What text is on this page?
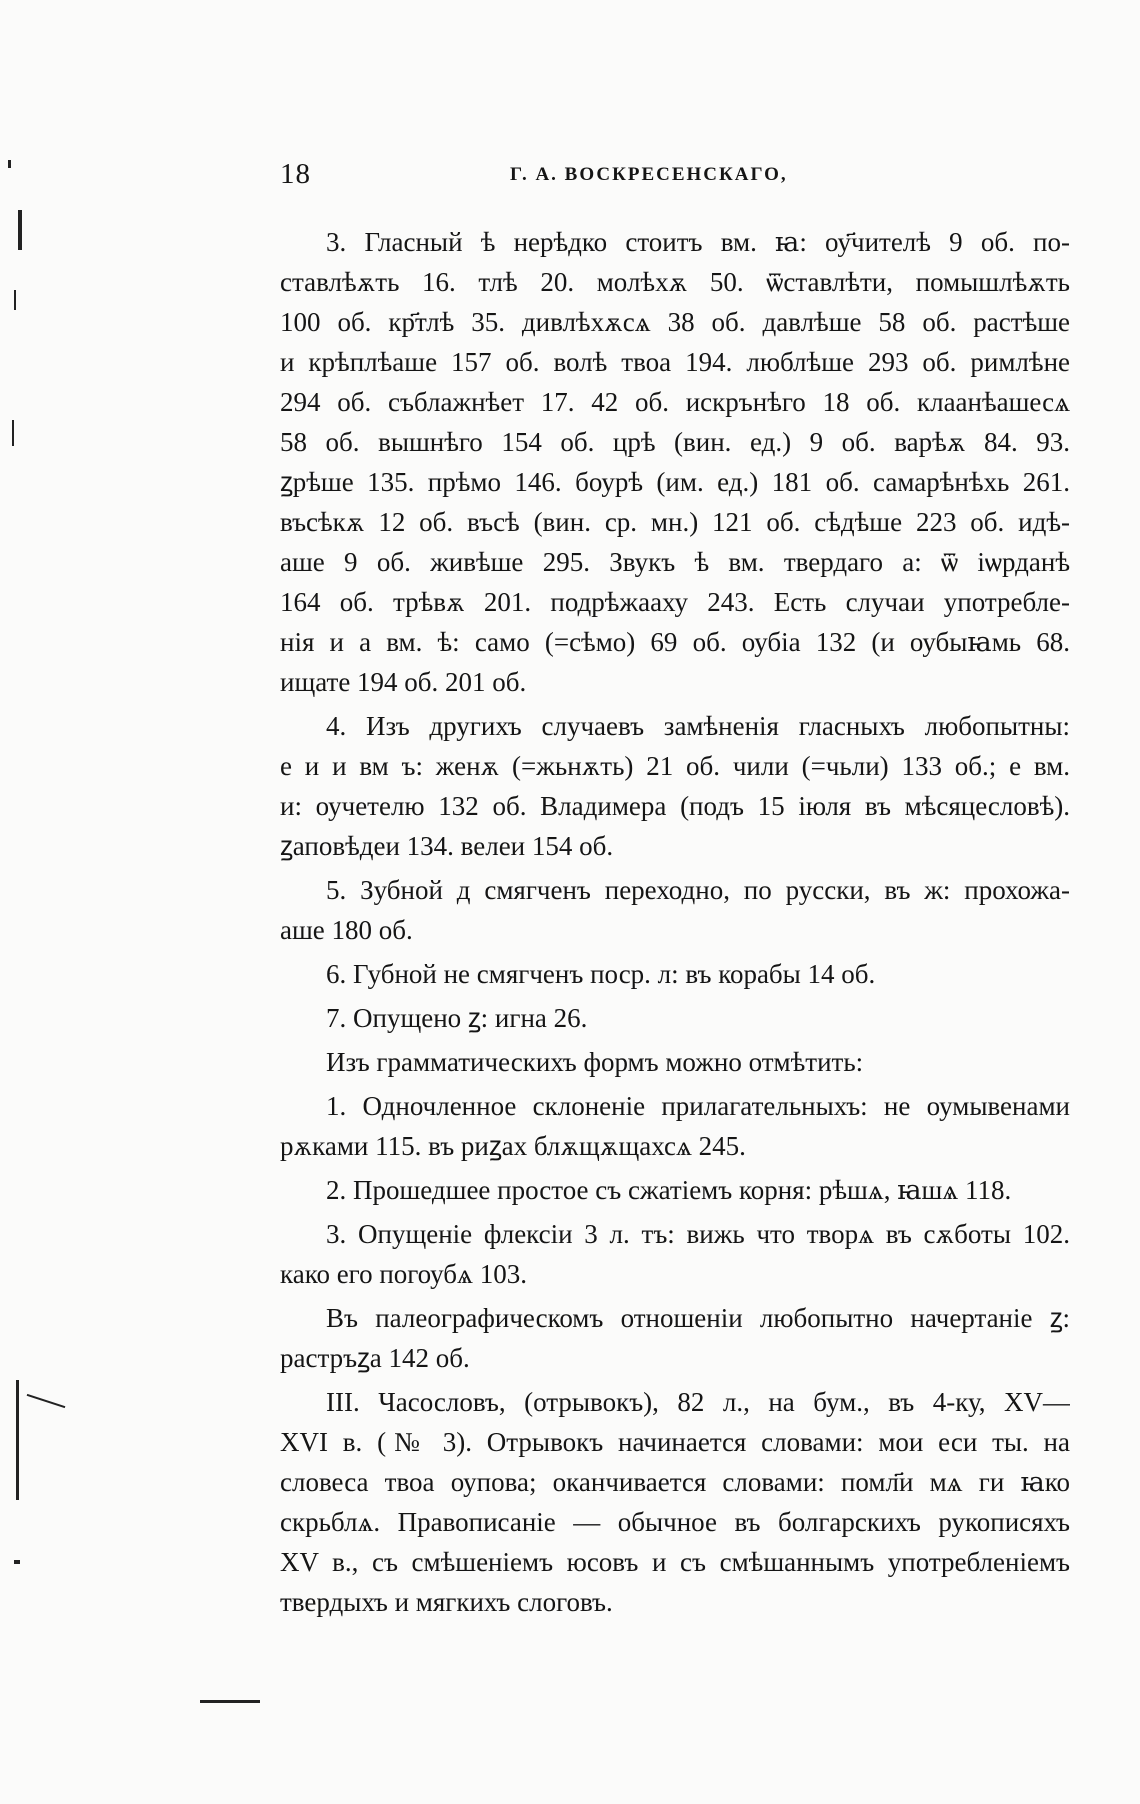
18	Г. А. ВОСКРЕСЕНСКАГО,
3. Гласный ѣ нерѣдко стоитъ вм. ꙗ: оу҃чителѣ 9 об. по-
ставлѣѫть 16. тлѣ 20. молѣхѫ 50. ѿставлѣти, помышлѣѫть
100 об. кр҃тлѣ 35. дивлѣхѫсѧ 38 об. давлѣше 58 об. растѣше
и крѣплѣаше 157 об. волѣ твоа 194. люблѣше 293 об. римлѣне
294 об. съблажнѣет 17. 42 об. искрънѣго 18 об. клаанѣашесѧ
58 об. вышнѣго 154 об. црѣ (вин. ед.) 9 об. варѣѫ 84. 93.
ꙁрѣше 135. прѣмо 146. боурѣ (им. ед.) 181 об. самарѣнѣхь 261.
въсѣкѫ 12 об. въсѣ (вин. ср. мн.) 121 об. сѣдѣше 223 об. идѣ-
аше 9 об. живѣше 295. Звукъ ѣ вм. твердаго а: ѿ іѡрданѣ
164 об. трѣвѫ 201. подрѣжааху 243. Есть случаи употребле-
нія и а вм. ѣ: само (=сѣмо) 69 об. оубіа 132 (и оубыꙗмь 68.
ищате 194 об. 201 об.
4. Изъ другихъ случаевъ замѣненія гласныхъ любопытны:
е и и вм ъ: женѫ (=жьнѫть) 21 об. чили (=чьли) 133 об.; е вм.
и: оучетелю 132 об. Владимера (подъ 15 іюля въ мѣсяцесловѣ).
ꙁаповѣдеи 134. велеи 154 об.
5. Зубной д смягченъ переходно, по русски, въ ж: прохожа-
аше 180 об.
6. Губной не смягченъ поср. л: въ корабы 14 об.
7. Опущено ꙁ: игна 26.
Изъ грамматическихъ формъ можно отмѣтить:
1. Одночленное склоненіе прилагательныхъ: не оумывенами
рѫками 115. въ риꙁах блѫщѫщахсѧ 245.
2. Прошедшее простое съ сжатіемъ корня: рѣшѧ, ꙗшѧ 118.
3. Опущеніе флексіи 3 л. тъ: вижь что творѧ въ сѫботы 102.
како его погоубѧ 103.
Въ палеографическомъ отношеніи любопытно начертаніе ꙁ:
растръꙁа 142 об.
III. Часословъ, (отрывокъ), 82 л., на бум., въ 4-ку, XV—
XVI в. (№ 3). Отрывокъ начинается словами: мои еси ты. на
словеса твоа оупова; оканчивается словами: помл҃и мѧ ги ꙗко
скрьблѧ. Правописаніе — обычное въ болгарскихъ рукописяхъ
XV в., съ смѣшеніемъ юсовъ и съ смѣшаннымъ употребленіемъ
твердыхъ и мягкихъ слоговъ.
